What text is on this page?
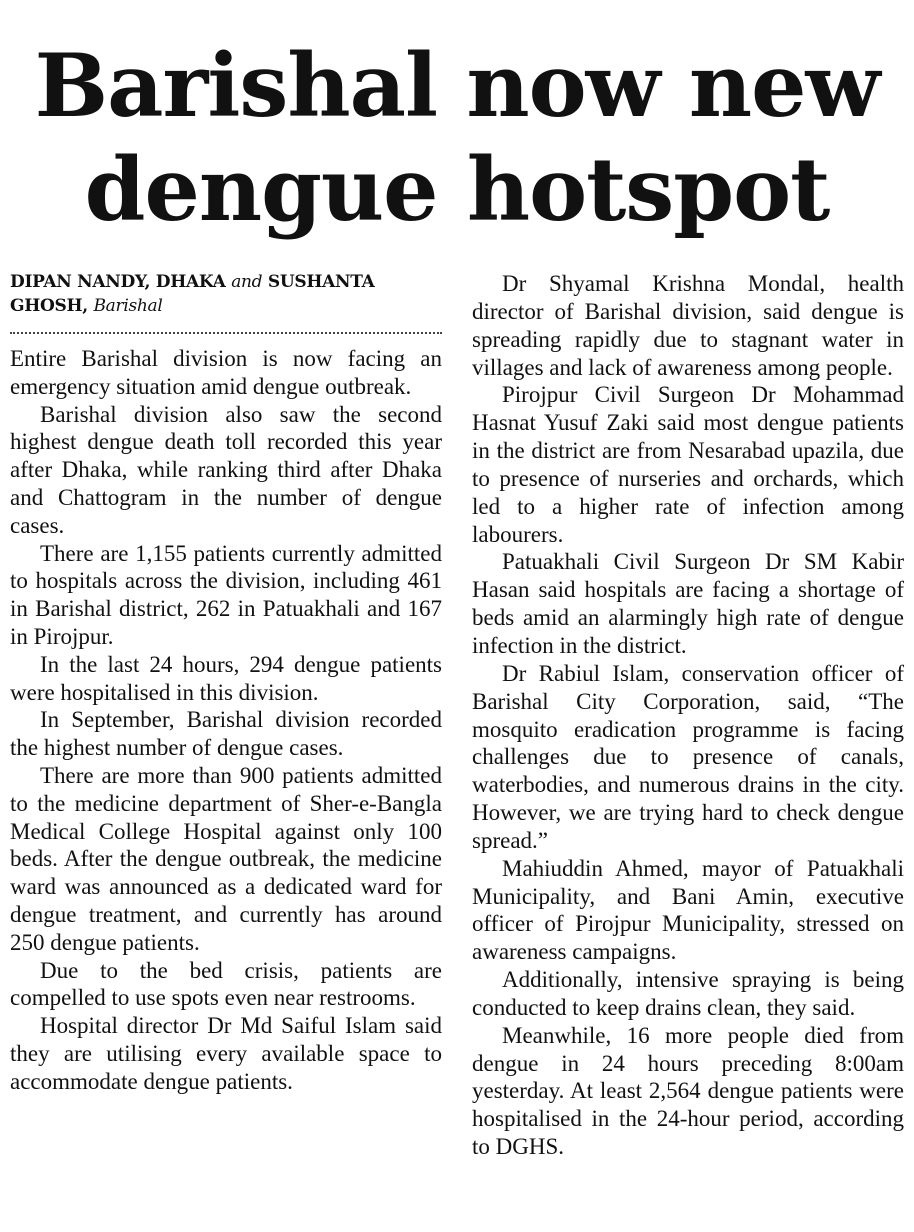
Barishal now new dengue hotspot
DIPAN NANDY, DHAKA and SUSHANTA GHOSH, Barishal

Entire Barishal division is now facing an emergency situation amid dengue outbreak.

Barishal division also saw the second highest dengue death toll recorded this year after Dhaka, while ranking third after Dhaka and Chattogram in the number of dengue cases.

There are 1,155 patients currently admitted to hospitals across the division, including 461 in Barishal district, 262 in Patuakhali and 167 in Pirojpur.

In the last 24 hours, 294 dengue patients were hospitalised in this division.

In September, Barishal division recorded the highest number of dengue cases.

There are more than 900 patients admitted to the medicine department of Sher-e-Bangla Medical College Hospital against only 100 beds. After the dengue outbreak, the medicine ward was announced as a dedicated ward for dengue treatment, and currently has around 250 dengue patients.

Due to the bed crisis, patients are compelled to use spots even near restrooms.

Hospital director Dr Md Saiful Islam said they are utilising every available space to accommodate dengue patients.

Dr Shyamal Krishna Mondal, health director of Barishal division, said dengue is spreading rapidly due to stagnant water in villages and lack of awareness among people.

Pirojpur Civil Surgeon Dr Mohammad Hasnat Yusuf Zaki said most dengue patients in the district are from Nesarabad upazila, due to presence of nurseries and orchards, which led to a higher rate of infection among labourers.

Patuakhali Civil Surgeon Dr SM Kabir Hasan said hospitals are facing a shortage of beds amid an alarmingly high rate of dengue infection in the district.

Dr Rabiul Islam, conservation officer of Barishal City Corporation, said, “The mosquito eradication programme is facing challenges due to presence of canals, waterbodies, and numerous drains in the city. However, we are trying hard to check dengue spread.”

Mahiuddin Ahmed, mayor of Patuakhali Municipality, and Bani Amin, executive officer of Pirojpur Municipality, stressed on awareness campaigns.

Additionally, intensive spraying is being conducted to keep drains clean, they said.

Meanwhile, 16 more people died from dengue in 24 hours preceding 8:00am yesterday. At least 2,564 dengue patients were hospitalised in the 24-hour period, according to DGHS.
